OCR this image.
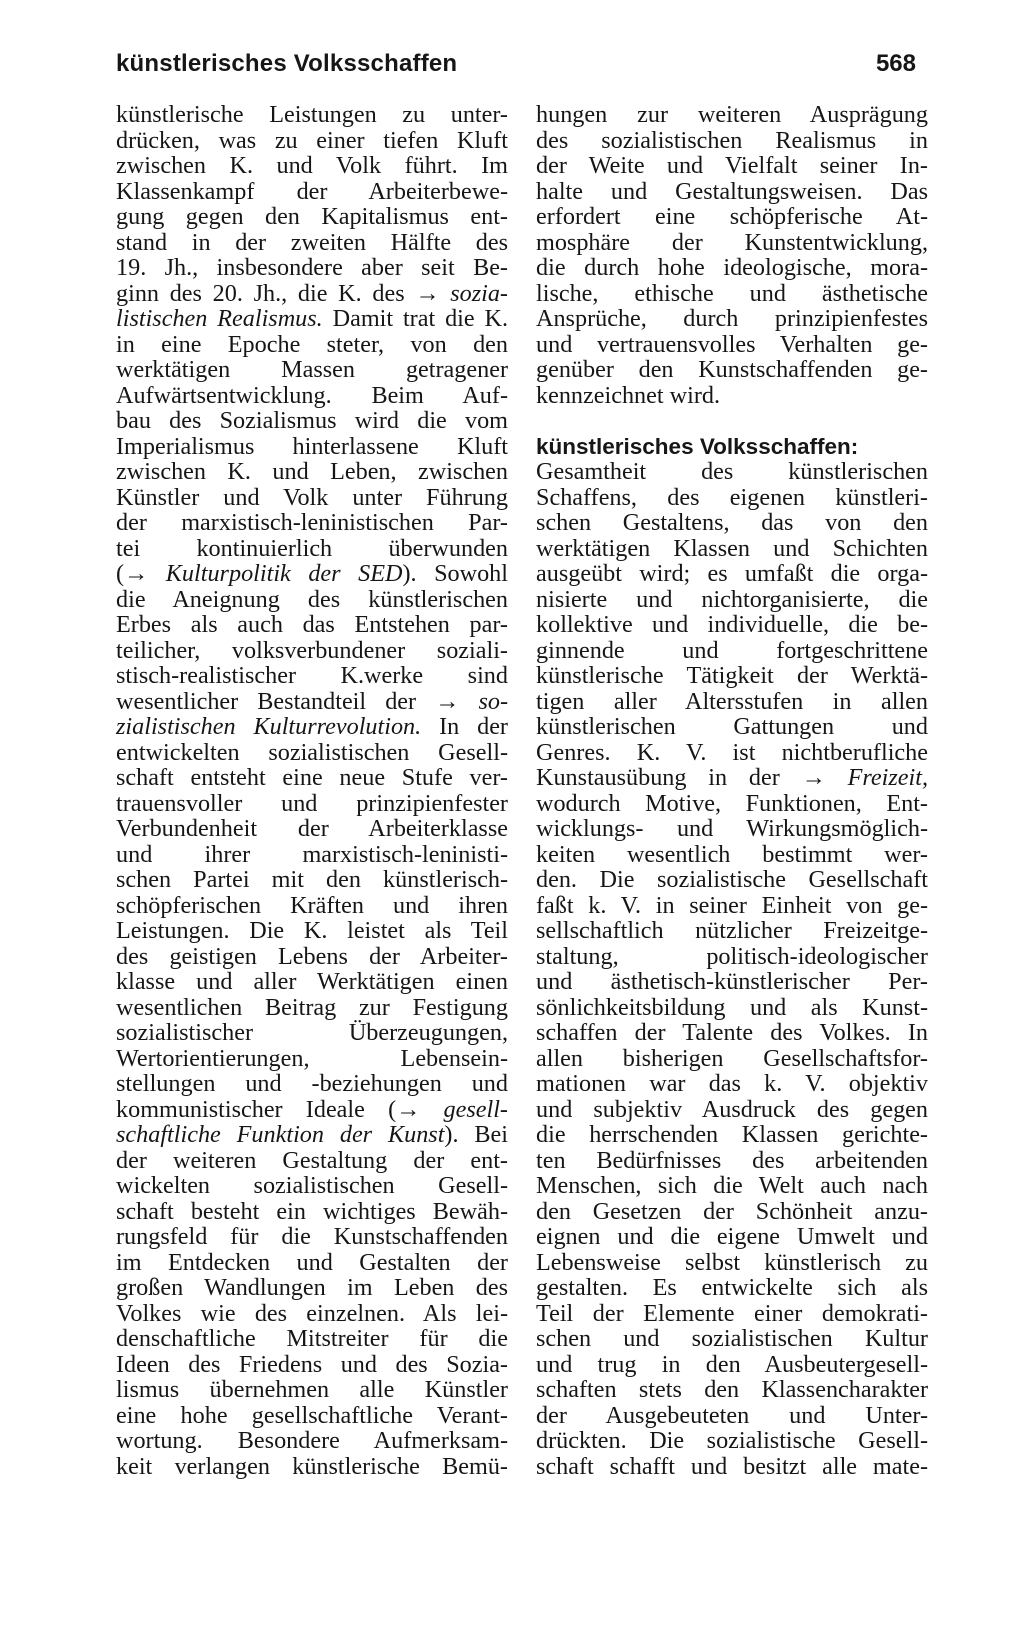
künstlerisches Volksschaffen	568
künstlerische Leistungen zu unter-
drücken, was zu einer tiefen Kluft
zwischen K. und Volk führt. Im
Klassenkampf der Arbeiterbewe-
gung gegen den Kapitalismus ent-
stand in der zweiten Hälfte des
19. Jh., insbesondere aber seit Be-
ginn des 20. Jh., die K. des → sozia-
listischen Realismus. Damit trat die K.
in eine Epoche steter, von den
werktätigen Massen getragener
Aufwärtsentwicklung. Beim Auf-
bau des Sozialismus wird die vom
Imperialismus hinterlassene Kluft
zwischen K. und Leben, zwischen
Künstler und Volk unter Führung
der marxistisch-leninistischen Par-
tei kontinuierlich überwunden
(→ Kulturpolitik der SED). Sowohl
die Aneignung des künstlerischen
Erbes als auch das Entstehen par-
teilicher, volksverbundener soziali-
stisch-realistischer K.werke sind
wesentlicher Bestandteil der → so-
zialistischen Kulturrevolution. In der
entwickelten sozialistischen Gesell-
schaft entsteht eine neue Stufe ver-
trauensvoller und prinzipienfester
Verbundenheit der Arbeiterklasse
und ihrer marxistisch-leninisti-
schen Partei mit den künstlerisch-
schöpferischen Kräften und ihren
Leistungen. Die K. leistet als Teil
des geistigen Lebens der Arbeiter-
klasse und aller Werktätigen einen
wesentlichen Beitrag zur Festigung
sozialistischer Überzeugungen,
Wertorientierungen, Lebensein-
stellungen und -beziehungen und
kommunistischer Ideale (→ gesell-
schaftliche Funktion der Kunst). Bei
der weiteren Gestaltung der ent-
wickelten sozialistischen Gesell-
schaft besteht ein wichtiges Bewäh-
rungsfeld für die Kunstschaffenden
im Entdecken und Gestalten der
großen Wandlungen im Leben des
Volkes wie des einzelnen. Als lei-
denschaftliche Mitstreiter für die
Ideen des Friedens und des Sozia-
lismus übernehmen alle Künstler
eine hohe gesellschaftliche Verant-
wortung. Besondere Aufmerksam-
keit verlangen künstlerische Bemü-
hungen zur weiteren Ausprägung
des sozialistischen Realismus in
der Weite und Vielfalt seiner In-
halte und Gestaltungsweisen. Das
erfordert eine schöpferische At-
mosphäre der Kunstentwicklung,
die durch hohe ideologische, mora-
lische, ethische und ästhetische
Ansprüche, durch prinzipienfestes
und vertrauensvolles Verhalten ge-
genüber den Kunstschaffenden ge-
kennzeichnet wird.
künstlerisches Volksschaffen:
Gesamtheit des künstlerischen
Schaffens, des eigenen künstleri-
schen Gestaltens, das von den
werktätigen Klassen und Schichten
ausgeübt wird; es umfaßt die orga-
nisierte und nichtorganisierte, die
kollektive und individuelle, die be-
ginnende und fortgeschrittene
künstlerische Tätigkeit der Werktä-
tigen aller Altersstufen in allen
künstlerischen Gattungen und
Genres. K. V. ist nichtberufliche
Kunstausübung in der → Freizeit,
wodurch Motive, Funktionen, Ent-
wicklungs- und Wirkungsmöglich-
keiten wesentlich bestimmt wer-
den. Die sozialistische Gesellschaft
faßt k. V. in seiner Einheit von ge-
sellschaftlich nützlicher Freizeitge-
staltung, politisch-ideologischer
und ästhetisch-künstlerischer Per-
sönlichkeitsbildung und als Kunst-
schaffen der Talente des Volkes. In
allen bisherigen Gesellschaftsfor-
mationen war das k. V. objektiv
und subjektiv Ausdruck des gegen
die herrschenden Klassen gerichte-
ten Bedürfnisses des arbeitenden
Menschen, sich die Welt auch nach
den Gesetzen der Schönheit anzu-
eignen und die eigene Umwelt und
Lebensweise selbst künstlerisch zu
gestalten. Es entwickelte sich als
Teil der Elemente einer demokrati-
schen und sozialistischen Kultur
und trug in den Ausbeutergesell-
schaften stets den Klassencharakter
der Ausgebeuteten und Unter-
drückten. Die sozialistische Gesell-
schaft schafft und besitzt alle mate-
